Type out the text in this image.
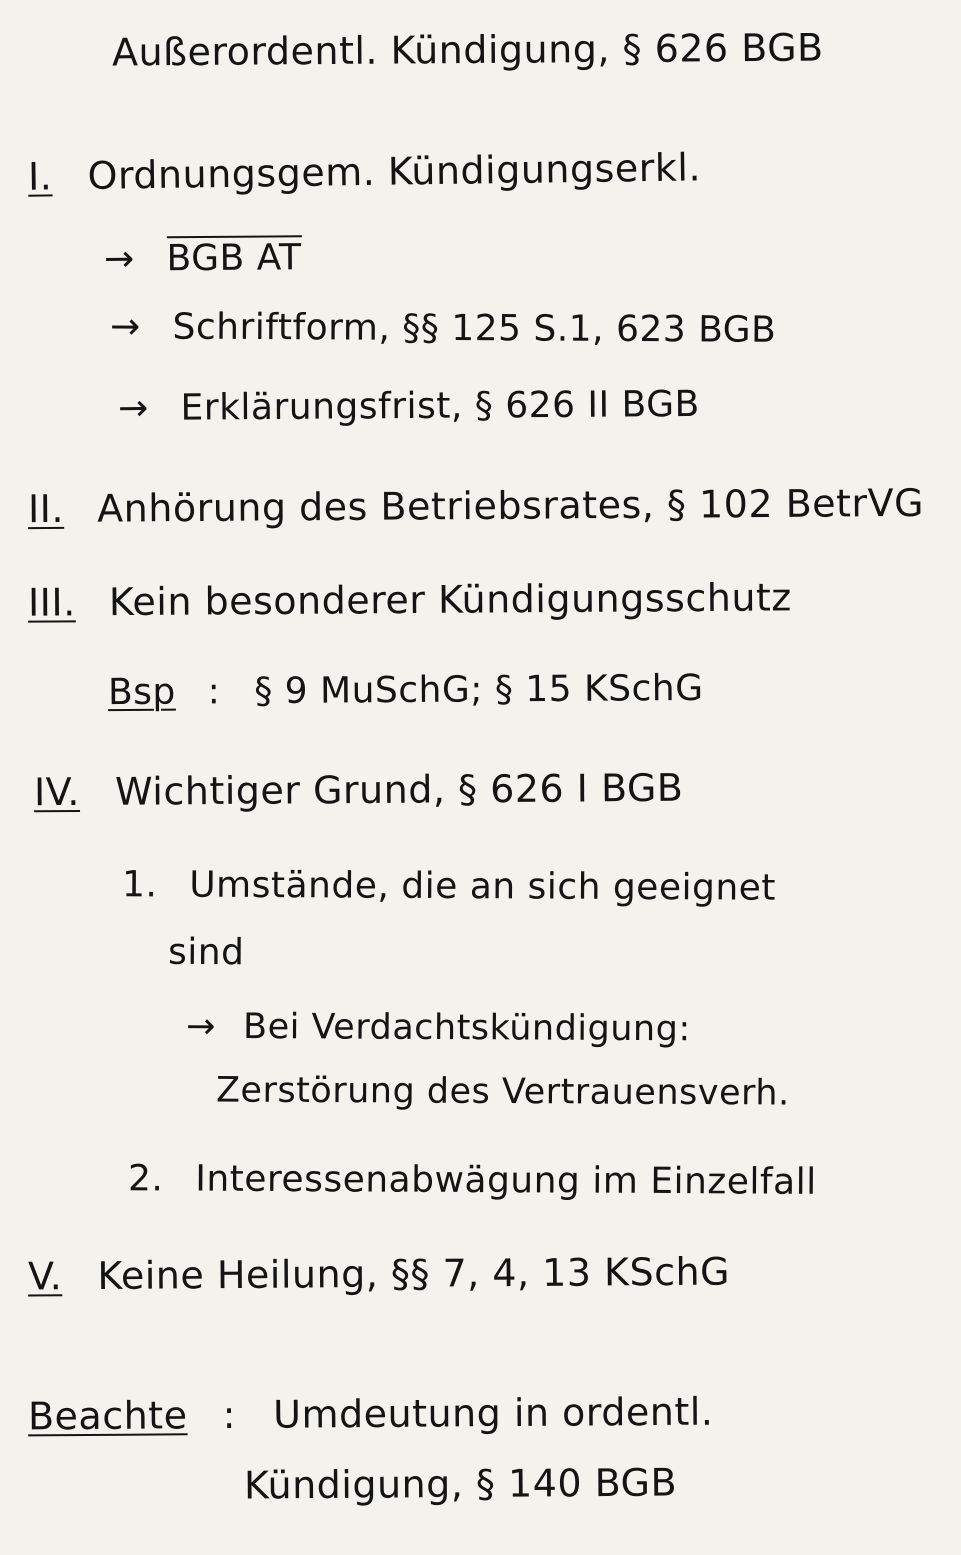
Außerordentl. Kündigung, § 626 BGB
I. Ordnungsgem. Kündigungserkl.
→ BGB AT
→ Schriftform, §§ 125 S.1, 623 BGB
→ Erklärungsfrist, § 626 II BGB
II. Anhörung des Betriebsrates, § 102 BetrVG
III. Kein besonderer Kündigungsschutz
Bsp : § 9 MuSchG; § 15 KSchG
IV. Wichtiger Grund, § 626 I BGB
1. Umstände, die an sich geeignet
sind
→ Bei Verdachtskündigung:
Zerstörung des Vertrauensverh.
2. Interessenabwägung im Einzelfall
V. Keine Heilung, §§ 7, 4, 13 KSchG
Beachte : Umdeutung in ordentl.
Kündigung, § 140 BGB
